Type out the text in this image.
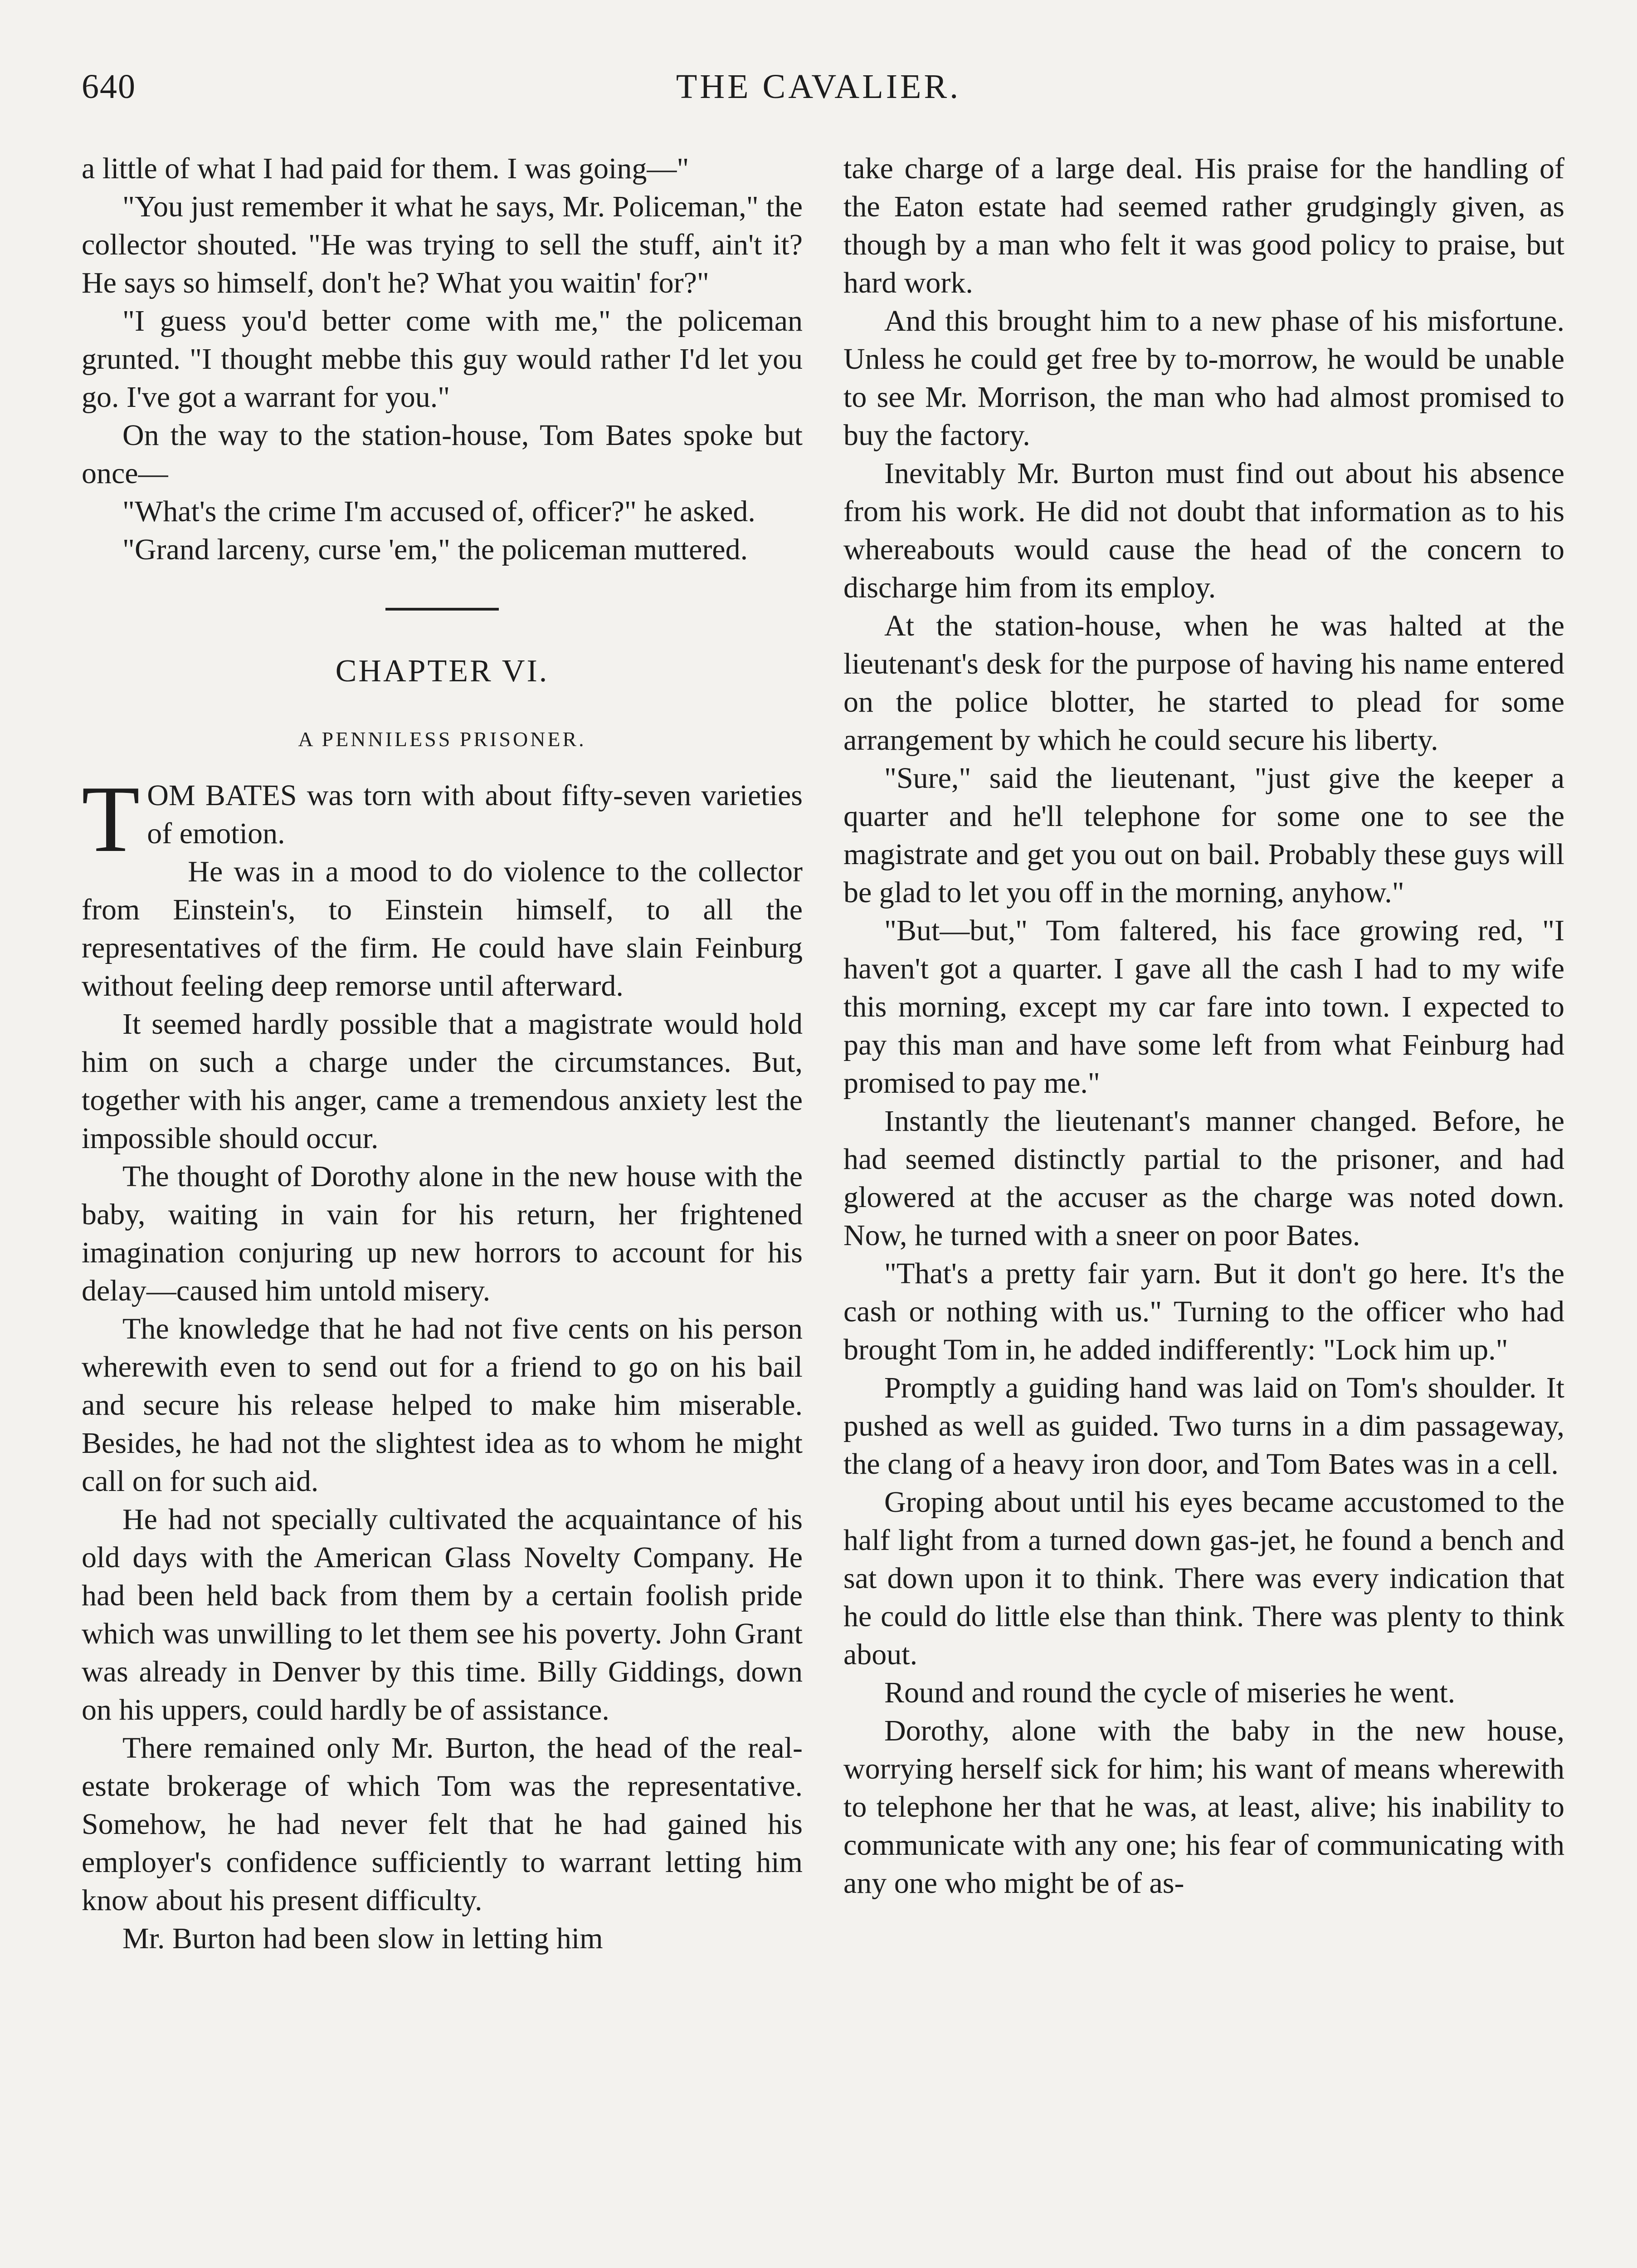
640	THE CAVALIER.

a little of what I had paid for them. I was going—"

"You just remember it what he says, Mr. Policeman," the collector shouted. "He was trying to sell the stuff, ain't it? He says so himself, don't he? What you waitin' for?"

"I guess you'd better come with me," the policeman grunted. "I thought mebbe this guy would rather I'd let you go. I've got a warrant for you."

On the way to the station-house, Tom Bates spoke but once—

"What's the crime I'm accused of, officer?" he asked.

"Grand larceny, curse 'em," the policeman muttered.

CHAPTER VI.
A PENNILESS PRISONER.

TOM BATES was torn with about fifty-seven varieties of emotion.

He was in a mood to do violence to the collector from Einstein's, to Einstein himself, to all the representatives of the firm. He could have slain Feinburg without feeling deep remorse until afterward.

It seemed hardly possible that a magistrate would hold him on such a charge under the circumstances. But, together with his anger, came a tremendous anxiety lest the impossible should occur.

The thought of Dorothy alone in the new house with the baby, waiting in vain for his return, her frightened imagination conjuring up new horrors to account for his delay—caused him untold misery.

The knowledge that he had not five cents on his person wherewith even to send out for a friend to go on his bail and secure his release helped to make him miserable. Besides, he had not the slightest idea as to whom he might call on for such aid.

He had not specially cultivated the acquaintance of his old days with the American Glass Novelty Company. He had been held back from them by a certain foolish pride which was unwilling to let them see his poverty. John Grant was already in Denver by this time. Billy Giddings, down on his uppers, could hardly be of assistance.

There remained only Mr. Burton, the head of the real-estate brokerage of which Tom was the representative. Somehow, he had never felt that he had gained his employer's confidence sufficiently to warrant letting him know about his present difficulty.

Mr. Burton had been slow in letting him

take charge of a large deal. His praise for the handling of the Eaton estate had seemed rather grudgingly given, as though by a man who felt it was good policy to praise, but hard work.

And this brought him to a new phase of his misfortune. Unless he could get free by to-morrow, he would be unable to see Mr. Morrison, the man who had almost promised to buy the factory.

Inevitably Mr. Burton must find out about his absence from his work. He did not doubt that information as to his whereabouts would cause the head of the concern to discharge him from its employ.

At the station-house, when he was halted at the lieutenant's desk for the purpose of having his name entered on the police blotter, he started to plead for some arrangement by which he could secure his liberty.

"Sure," said the lieutenant, "just give the keeper a quarter and he'll telephone for some one to see the magistrate and get you out on bail. Probably these guys will be glad to let you off in the morning, anyhow."

"But—but," Tom faltered, his face growing red, "I haven't got a quarter. I gave all the cash I had to my wife this morning, except my car fare into town. I expected to pay this man and have some left from what Feinburg had promised to pay me."

Instantly the lieutenant's manner changed. Before, he had seemed distinctly partial to the prisoner, and had glowered at the accuser as the charge was noted down. Now, he turned with a sneer on poor Bates.

"That's a pretty fair yarn. But it don't go here. It's the cash or nothing with us." Turning to the officer who had brought Tom in, he added indifferently: "Lock him up."

Promptly a guiding hand was laid on Tom's shoulder. It pushed as well as guided. Two turns in a dim passageway, the clang of a heavy iron door, and Tom Bates was in a cell.

Groping about until his eyes became accustomed to the half light from a turned down gas-jet, he found a bench and sat down upon it to think. There was every indication that he could do little else than think. There was plenty to think about.

Round and round the cycle of miseries he went.

Dorothy, alone with the baby in the new house, worrying herself sick for him; his want of means wherewith to telephone her that he was, at least, alive; his inability to communicate with any one; his fear of communicating with any one who might be of as-
